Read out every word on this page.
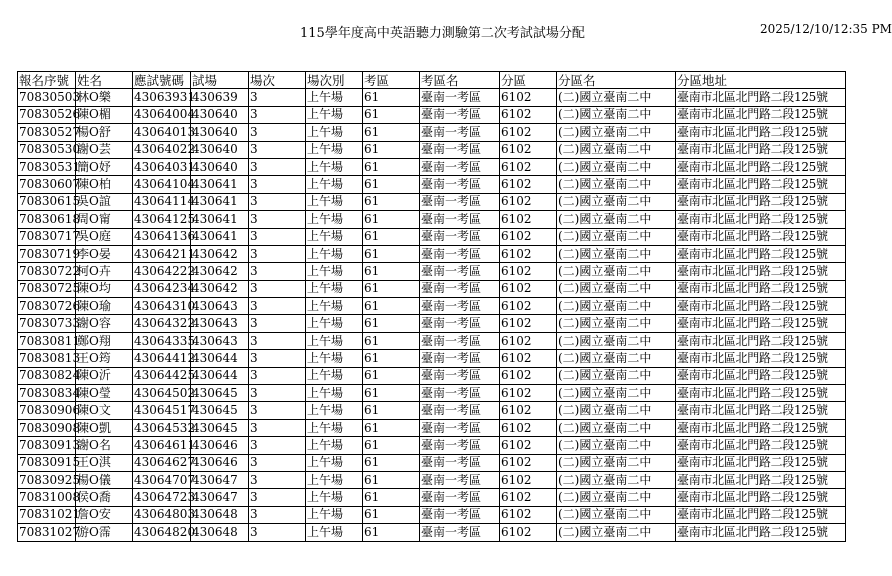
115學年度高中英語聽力測驗第二次考試試場分配	2025/12/10/12:35 PM
報名序號	姓名	應試號碼	試場	場次	場次別	考區	考區名	分區	分區名	分區地址
70830503	林O樂	43063931	430639	3	上午場	61	臺南一考區	6102	(二)國立臺南二中	臺南市北區北門路二段125號
70830526	陳O楣	43064004	430640	3	上午場	61	臺南一考區	6102	(二)國立臺南二中	臺南市北區北門路二段125號
70830527	楊O舒	43064013	430640	3	上午場	61	臺南一考區	6102	(二)國立臺南二中	臺南市北區北門路二段125號
70830530	謝O芸	43064022	430640	3	上午場	61	臺南一考區	6102	(二)國立臺南二中	臺南市北區北門路二段125號
70830531	簡O妤	43064031	430640	3	上午場	61	臺南一考區	6102	(二)國立臺南二中	臺南市北區北門路二段125號
70830607	陳O柏	43064104	430641	3	上午場	61	臺南一考區	6102	(二)國立臺南二中	臺南市北區北門路二段125號
70830615	吳O誼	43064114	430641	3	上午場	61	臺南一考區	6102	(二)國立臺南二中	臺南市北區北門路二段125號
70830618	周O甯	43064125	430641	3	上午場	61	臺南一考區	6102	(二)國立臺南二中	臺南市北區北門路二段125號
70830717	吳O庭	43064136	430641	3	上午場	61	臺南一考區	6102	(二)國立臺南二中	臺南市北區北門路二段125號
70830719	李O晏	43064211	430642	3	上午場	61	臺南一考區	6102	(二)國立臺南二中	臺南市北區北門路二段125號
70830722	柯O卉	43064222	430642	3	上午場	61	臺南一考區	6102	(二)國立臺南二中	臺南市北區北門路二段125號
70830725	陳O均	43064234	430642	3	上午場	61	臺南一考區	6102	(二)國立臺南二中	臺南市北區北門路二段125號
70830726	陳O瑜	43064310	430643	3	上午場	61	臺南一考區	6102	(二)國立臺南二中	臺南市北區北門路二段125號
70830733	謝O容	43064322	430643	3	上午場	61	臺南一考區	6102	(二)國立臺南二中	臺南市北區北門路二段125號
70830811	鄭O翔	43064335	430643	3	上午場	61	臺南一考區	6102	(二)國立臺南二中	臺南市北區北門路二段125號
70830813	王O筠	43064412	430644	3	上午場	61	臺南一考區	6102	(二)國立臺南二中	臺南市北區北門路二段125號
70830824	陳O沂	43064425	430644	3	上午場	61	臺南一考區	6102	(二)國立臺南二中	臺南市北區北門路二段125號
70830834	陳O瑩	43064502	430645	3	上午場	61	臺南一考區	6102	(二)國立臺南二中	臺南市北區北門路二段125號
70830906	陳O文	43064517	430645	3	上午場	61	臺南一考區	6102	(二)國立臺南二中	臺南市北區北門路二段125號
70830908	陳O凱	43064532	430645	3	上午場	61	臺南一考區	6102	(二)國立臺南二中	臺南市北區北門路二段125號
70830913	謝O名	43064611	430646	3	上午場	61	臺南一考區	6102	(二)國立臺南二中	臺南市北區北門路二段125號
70830915	王O淇	43064627	430646	3	上午場	61	臺南一考區	6102	(二)國立臺南二中	臺南市北區北門路二段125號
70830925	楊O儀	43064707	430647	3	上午場	61	臺南一考區	6102	(二)國立臺南二中	臺南市北區北門路二段125號
70831008	侯O喬	43064723	430647	3	上午場	61	臺南一考區	6102	(二)國立臺南二中	臺南市北區北門路二段125號
70831021	詹O安	43064803	430648	3	上午場	61	臺南一考區	6102	(二)國立臺南二中	臺南市北區北門路二段125號
70831027	游O霈	43064820	430648	3	上午場	61	臺南一考區	6102	(二)國立臺南二中	臺南市北區北門路二段125號
